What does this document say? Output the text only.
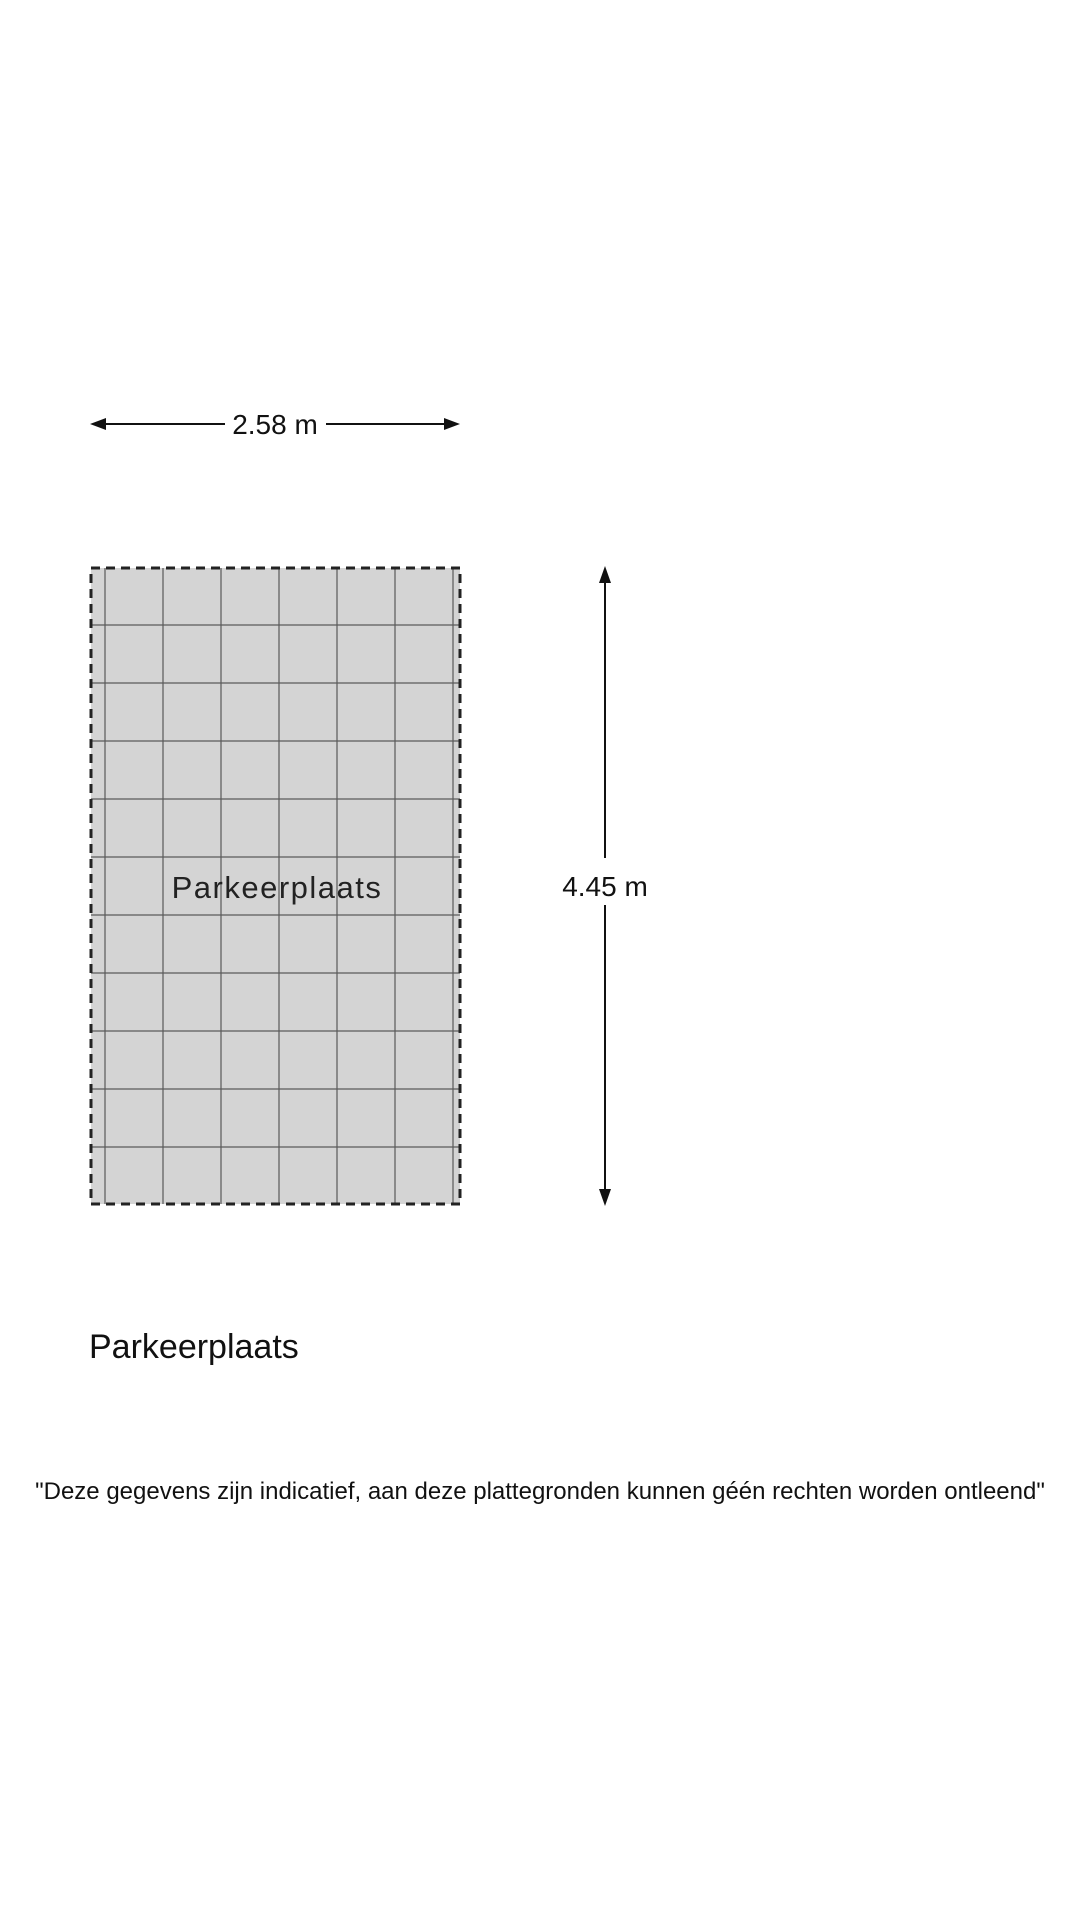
2.58 m
Parkeerplaats	4.45 m
Parkeerplaats
"Deze gegevens zijn indicatief, aan deze plattegronden kunnen géén rechten worden ontleend"
